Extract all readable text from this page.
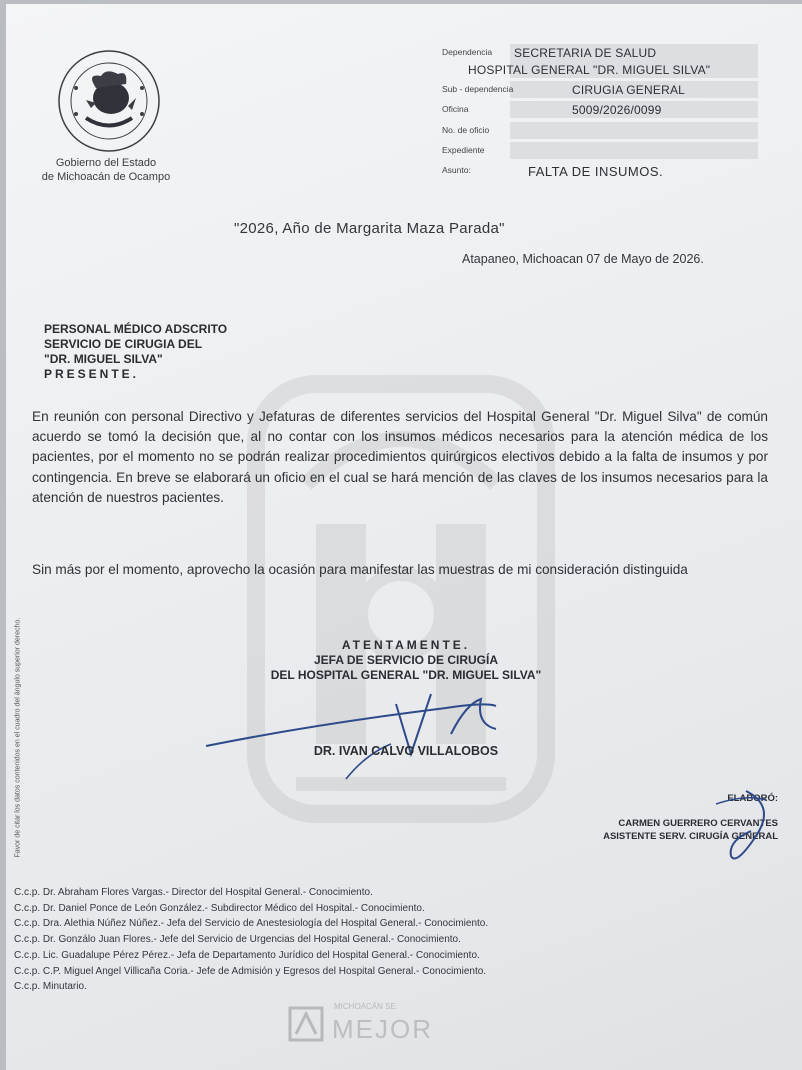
Gobierno del Estado
de Michoacán de Ocampo
Dependencia SECRETARIA DE SALUD
HOSPITAL GENERAL "DR. MIGUEL SILVA"
Sub - dependencia	CIRUGIA GENERAL
Oficina	5009/2026/0099
No. de oficio
Expediente
Asunto:	FALTA DE INSUMOS.
"2026, Año de Margarita Maza Parada"
Atapaneo, Michoacan 07 de Mayo de 2026.
PERSONAL MÉDICO ADSCRITO
SERVICIO DE CIRUGIA DEL
"DR. MIGUEL SILVA"
PRESENTE.
En reunión con personal Directivo y Jefaturas de diferentes servicios del Hospital General "Dr. Miguel Silva" de común acuerdo se tomó la decisión que, al no contar con los insumos médicos necesarios para la atención médica de los pacientes, por el momento no se podrán realizar procedimientos quirúrgicos electivos debido a la falta de insumos y por contingencia. En breve se elaborará un oficio en el cual se hará mención de las claves de los insumos necesarios para la atención de nuestros pacientes.
Sin más por el momento, aprovecho la ocasión para manifestar las muestras de mi consideración distinguida
ATENTAMENTE.
JEFA DE SERVICIO DE CIRUGÍA
DEL HOSPITAL GENERAL "DR. MIGUEL SILVA"
DR. IVAN CALVO VILLALOBOS
ELABORÓ:
CARMEN GUERRERO CERVANTES
ASISTENTE SERV. CIRUGÍA GENERAL
Favor de citar los datos contenidos en el cuadro del ángulo superior derecho.
C.c.p. Dr. Abraham Flores Vargas.- Director del Hospital General.- Conocimiento.
C.c.p. Dr. Daniel Ponce de León González.- Subdirector Médico del Hospital.- Conocimiento.
C.c.p. Dra. Alethia Núñez Núñez.- Jefa del Servicio de Anestesiología del Hospital General.- Conocimiento.
C.c.p. Dr. Gonzálo Juan Flores.- Jefe del Servicio de Urgencias del Hospital General.- Conocimiento.
C.c.p. Lic. Guadalupe Pérez Pérez.- Jefa de Departamento Jurídico del Hospital General.- Conocimiento.
C.c.p. C.P. Miguel Angel Villicaña Coria.- Jefe de Admisión y Egresos del Hospital General.- Conocimiento.
C.c.p. Minutario.
MICHOACÁN SE
MEJOR
